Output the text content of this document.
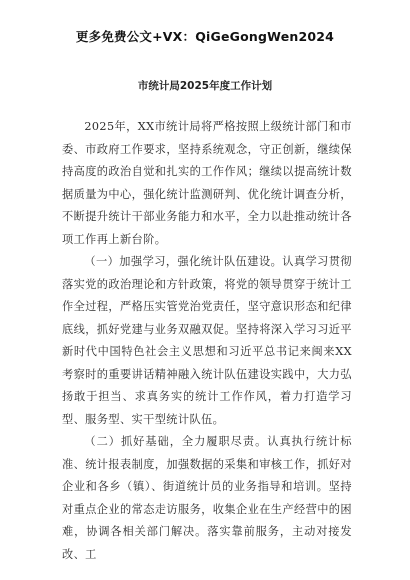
更多免费公文+VX：QiGeGongWen2024
市统计局2025年度工作计划

2025年，XX市统计局将严格按照上级统计部门和市委、市政府工作要求，坚持系统观念，守正创新，继续保持高度的政治自觉和扎实的工作作风；继续以提高统计数据质量为中心，强化统计监测研判、优化统计调查分析，不断提升统计干部业务能力和水平，全力以赴推动统计各项工作再上新台阶。

（一）加强学习，强化统计队伍建设。认真学习贯彻落实党的政治理论和方针政策，将党的领导贯穿于统计工作全过程，严格压实管党治党责任，坚守意识形态和纪律底线，抓好党建与业务双融双促。坚持将深入学习习近平新时代中国特色社会主义思想和习近平总书记来闽来XX考察时的重要讲话精神融入统计队伍建设实践中，大力弘扬敢于担当、求真务实的统计工作作风，着力打造学习型、服务型、实干型统计队伍。

（二）抓好基础，全力履职尽责。认真执行统计标准、统计报表制度，加强数据的采集和审核工作，抓好对企业和各乡（镇）、街道统计员的业务指导和培训。坚持对重点企业的常态走访服务，收集企业在生产经营中的困难，协调各相关部门解决。落实靠前服务，主动对接发改、工
